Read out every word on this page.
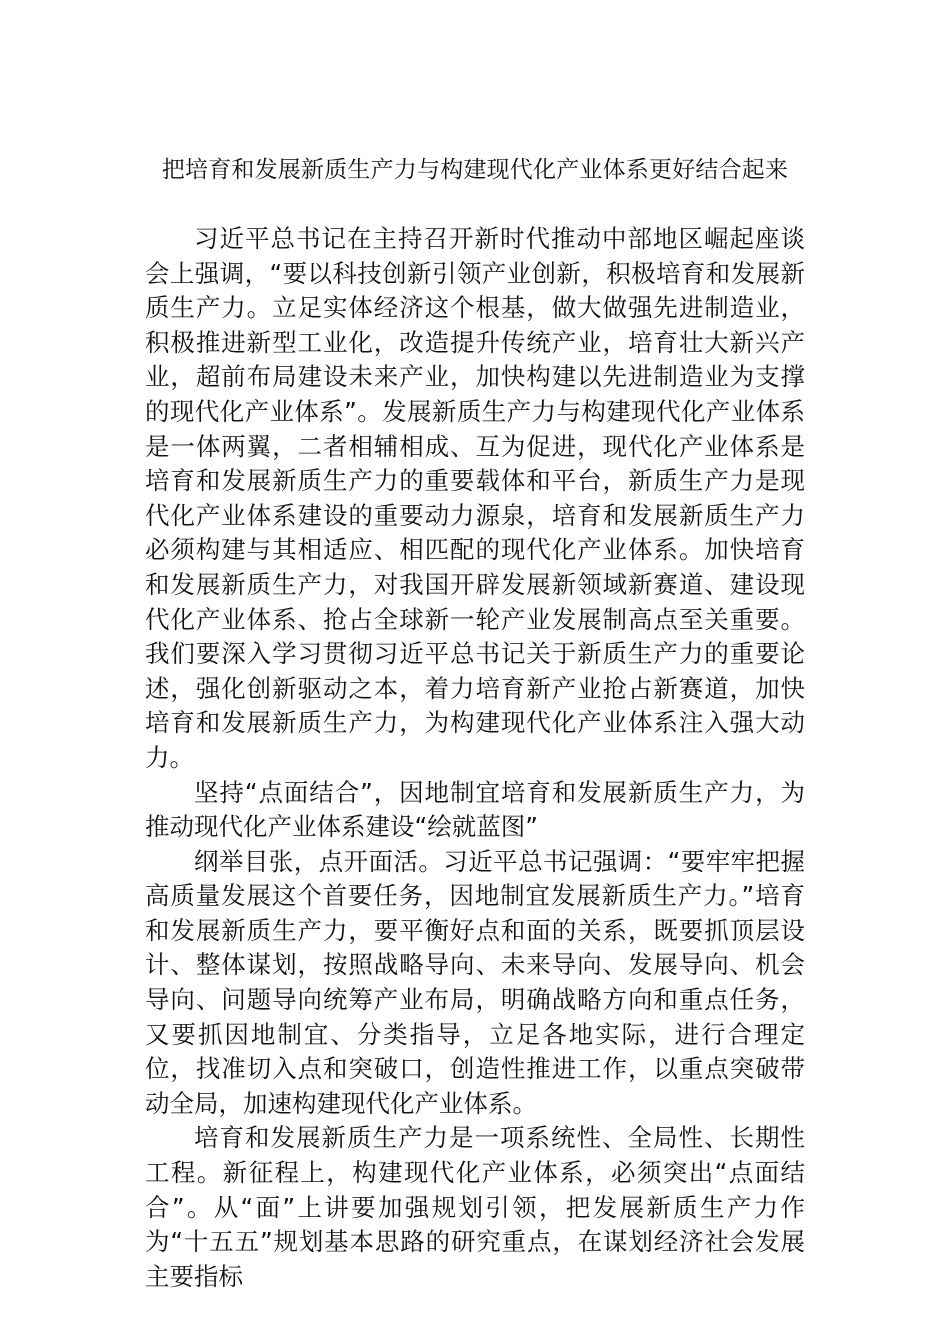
把培育和发展新质生产力与构建现代化产业体系更好结合起来

习近平总书记在主持召开新时代推动中部地区崛起座谈会上强调，“要以科技创新引领产业创新，积极培育和发展新质生产力。立足实体经济这个根基，做大做强先进制造业，积极推进新型工业化，改造提升传统产业，培育壮大新兴产业，超前布局建设未来产业，加快构建以先进制造业为支撑的现代化产业体系”。发展新质生产力与构建现代化产业体系是一体两翼，二者相辅相成、互为促进，现代化产业体系是培育和发展新质生产力的重要载体和平台，新质生产力是现代化产业体系建设的重要动力源泉，培育和发展新质生产力必须构建与其相适应、相匹配的现代化产业体系。加快培育和发展新质生产力，对我国开辟发展新领域新赛道、建设现代化产业体系、抢占全球新一轮产业发展制高点至关重要。我们要深入学习贯彻习近平总书记关于新质生产力的重要论述，强化创新驱动之本，着力培育新产业抢占新赛道，加快培育和发展新质生产力，为构建现代化产业体系注入强大动力。

坚持“点面结合”，因地制宜培育和发展新质生产力，为推动现代化产业体系建设“绘就蓝图”

纲举目张，点开面活。习近平总书记强调：“要牢牢把握高质量发展这个首要任务，因地制宜发展新质生产力。”培育和发展新质生产力，要平衡好点和面的关系，既要抓顶层设计、整体谋划，按照战略导向、未来导向、发展导向、机会导向、问题导向统筹产业布局，明确战略方向和重点任务，又要抓因地制宜、分类指导，立足各地实际，进行合理定位，找准切入点和突破口，创造性推进工作，以重点突破带动全局，加速构建现代化产业体系。

培育和发展新质生产力是一项系统性、全局性、长期性工程。新征程上，构建现代化产业体系，必须突出“点面结合”。从“面”上讲要加强规划引领，把发展新质生产力作为“十五五”规划基本思路的研究重点，在谋划经济社会发展主要指标
